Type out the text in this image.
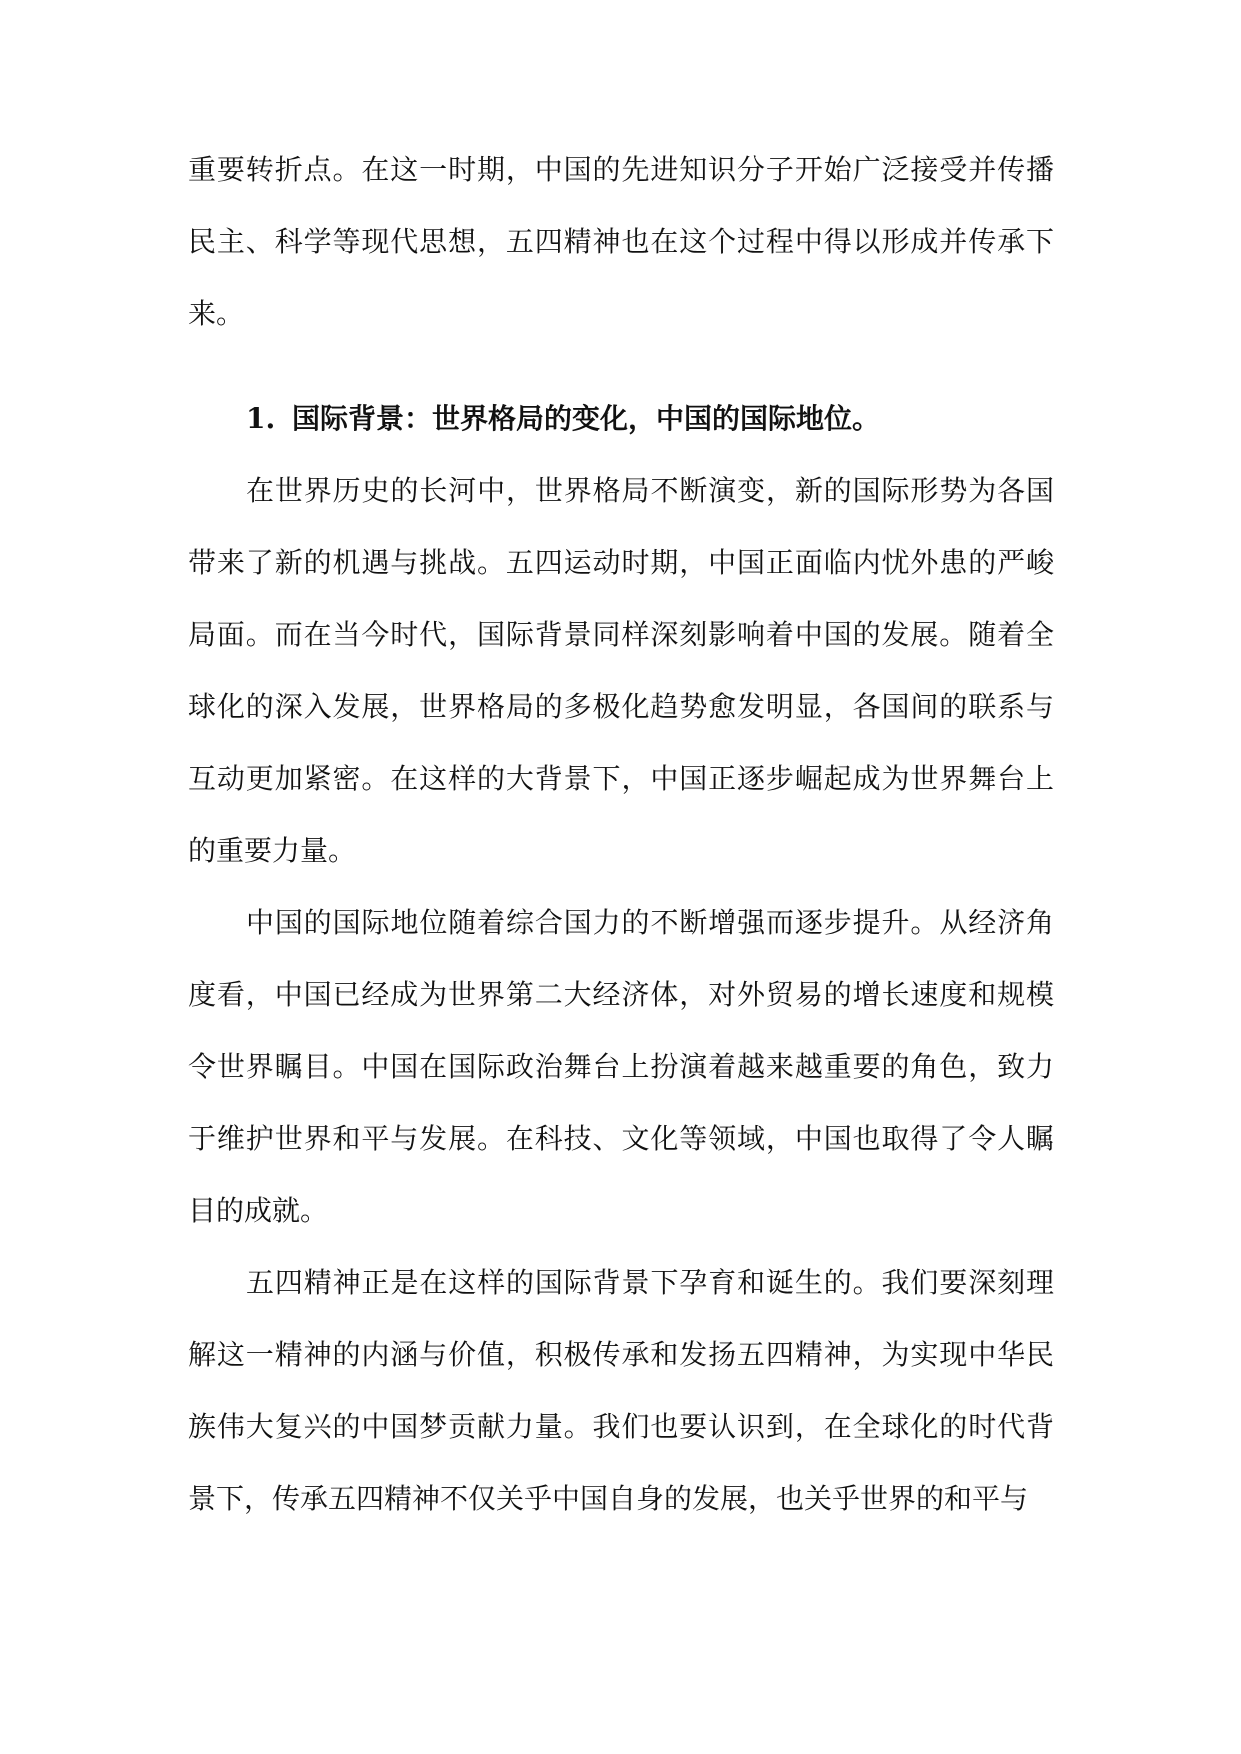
重要转折点。在这一时期，中国的先进知识分子开始广泛接受并传播民主、科学等现代思想，五四精神也在这个过程中得以形成并传承下来。

1. 国际背景：世界格局的变化，中国的国际地位。

在世界历史的长河中，世界格局不断演变，新的国际形势为各国带来了新的机遇与挑战。五四运动时期，中国正面临内忧外患的严峻局面。而在当今时代，国际背景同样深刻影响着中国的发展。随着全球化的深入发展，世界格局的多极化趋势愈发明显，各国间的联系与互动更加紧密。在这样的大背景下，中国正逐步崛起成为世界舞台上的重要力量。

中国的国际地位随着综合国力的不断增强而逐步提升。从经济角度看，中国已经成为世界第二大经济体，对外贸易的增长速度和规模令世界瞩目。中国在国际政治舞台上扮演着越来越重要的角色，致力于维护世界和平与发展。在科技、文化等领域，中国也取得了令人瞩目的成就。

五四精神正是在这样的国际背景下孕育和诞生的。我们要深刻理解这一精神的内涵与价值，积极传承和发扬五四精神，为实现中华民族伟大复兴的中国梦贡献力量。我们也要认识到，在全球化的时代背景下，传承五四精神不仅关乎中国自身的发展，也关乎世界的和平与
